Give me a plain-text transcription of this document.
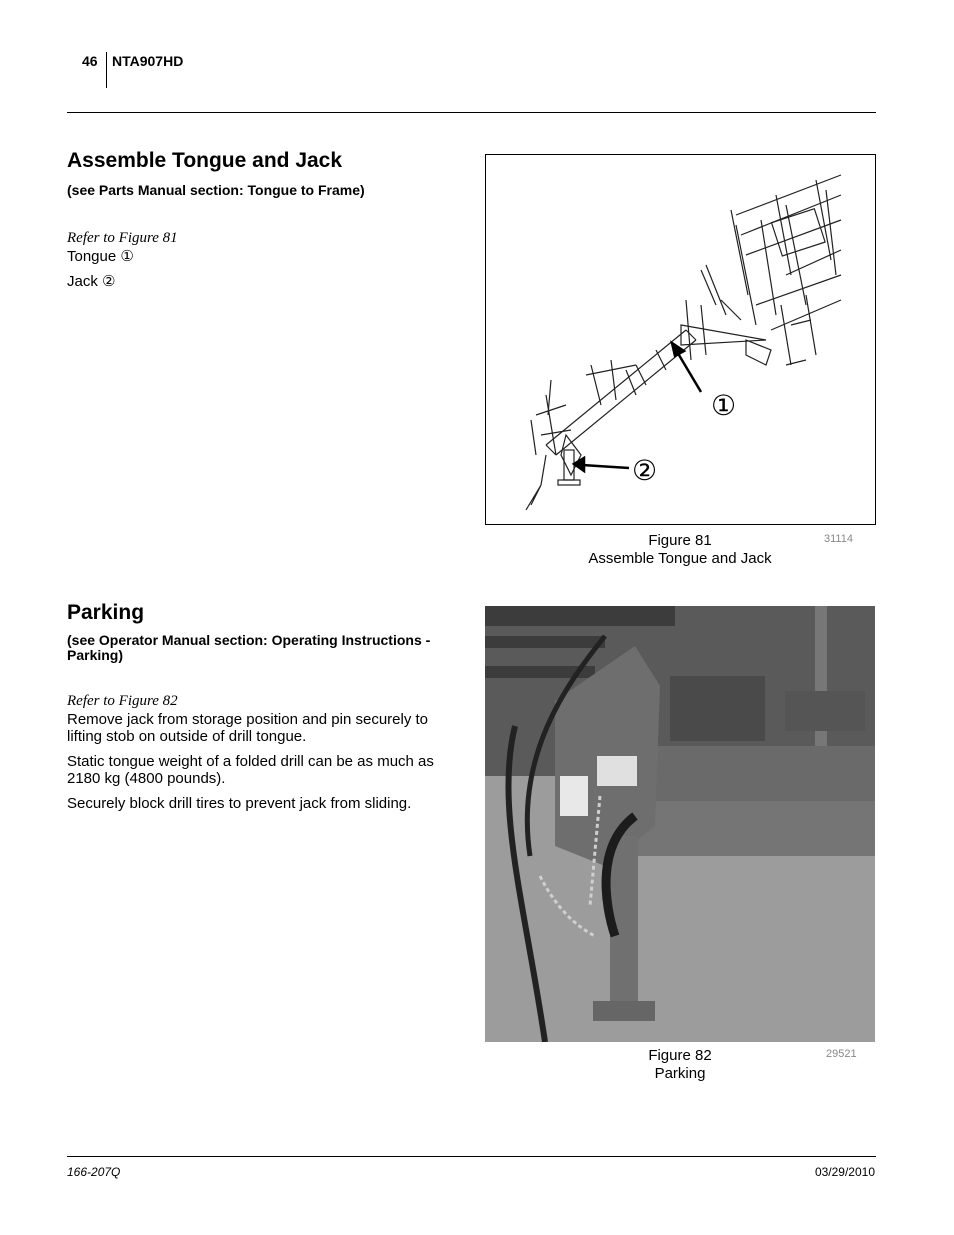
46 NTA907HD
Assemble Tongue and Jack
(see Parts Manual section: Tongue to Frame)
Refer to Figure 81
Tongue ①
Jack ②
①
②
Figure 81
Assemble Tongue and Jack
31114
Parking
(see Operator Manual section: Operating Instructions -
Parking)
Refer to Figure 82
Remove jack from storage position and pin securely to
lifting stob on outside of drill tongue.
Static tongue weight of a folded drill can be as much as
2180 kg (4800 pounds).
Securely block drill tires to prevent jack from sliding.
Figure 82
Parking
29521
166-207Q	03/29/2010
